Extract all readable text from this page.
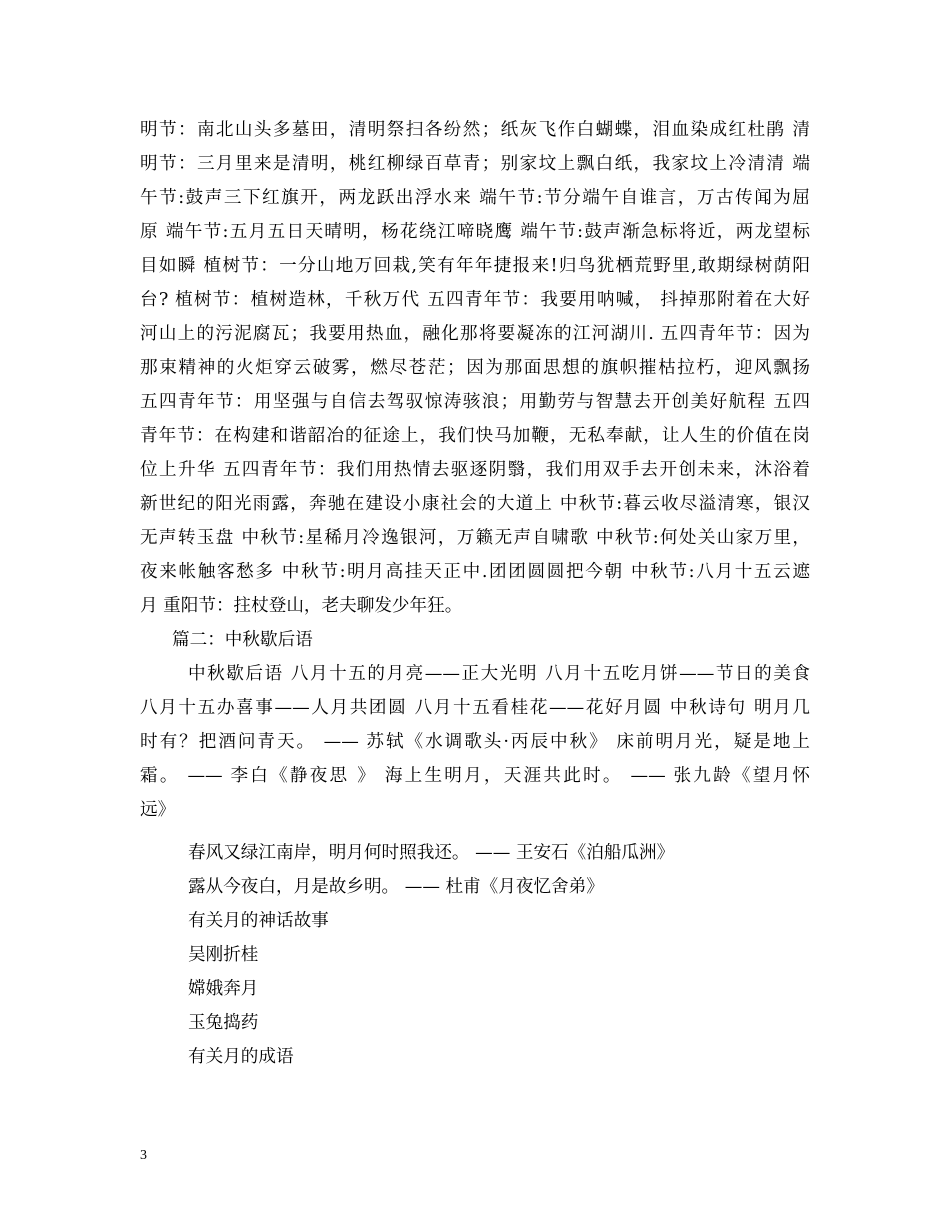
明节：南北山头多墓田，清明祭扫各纷然；纸灰飞作白蝴蝶，泪血染成红杜鹃 清
明节：三月里来是清明，桃红柳绿百草青；别家坟上飘白纸，我家坟上冷清清 端
午节:鼓声三下红旗开，两龙跃出浮水来 端午节:节分端午自谁言，万古传闻为屈
原 端午节:五月五日天晴明，杨花绕江啼晓鹰 端午节:鼓声渐急标将近，两龙望标
目如瞬 植树节：一分山地万回栽,笑有年年捷报来!归鸟犹栖荒野里,敢期绿树荫阳
台? 植树节：植树造林，千秋万代 五四青年节：我要用呐喊， 抖掉那附着在大好
河山上的污泥腐瓦；我要用热血，融化那将要凝冻的江河湖川. 五四青年节：因为
那束精神的火炬穿云破雾，燃尽苍茫；因为那面思想的旗帜摧枯拉朽，迎风飘扬
五四青年节：用坚强与自信去驾驭惊涛骇浪；用勤劳与智慧去开创美好航程 五四
青年节：在构建和谐韶冶的征途上，我们快马加鞭，无私奉献，让人生的价值在岗
位上升华 五四青年节：我们用热情去驱逐阴翳，我们用双手去开创未来，沐浴着
新世纪的阳光雨露，奔驰在建设小康社会的大道上 中秋节:暮云收尽溢清寒，银汉
无声转玉盘 中秋节:星稀月冷逸银河，万籁无声自啸歌 中秋节:何处关山家万里，
夜来帐触客愁多 中秋节:明月高挂天正中.团团圆圆把今朝 中秋节:八月十五云遮
月 重阳节：拄杖登山，老夫聊发少年狂。
篇二：中秋歇后语
中秋歇后语 八月十五的月亮——正大光明 八月十五吃月饼——节日的美食
八月十五办喜事——人月共团圆 八月十五看桂花——花好月圆 中秋诗句 明月几
时有？把酒问青天。 —— 苏轼《水调歌头·丙辰中秋》 床前明月光，疑是地上
霜。 —— 李白《静夜思 》 海上生明月，天涯共此时。 —— 张九龄《望月怀
远》
春风又绿江南岸，明月何时照我还。 —— 王安石《泊船瓜洲》
露从今夜白，月是故乡明。 —— 杜甫《月夜忆舍弟》
有关月的神话故事
吴刚折桂
嫦娥奔月
玉兔捣药
有关月的成语
3
